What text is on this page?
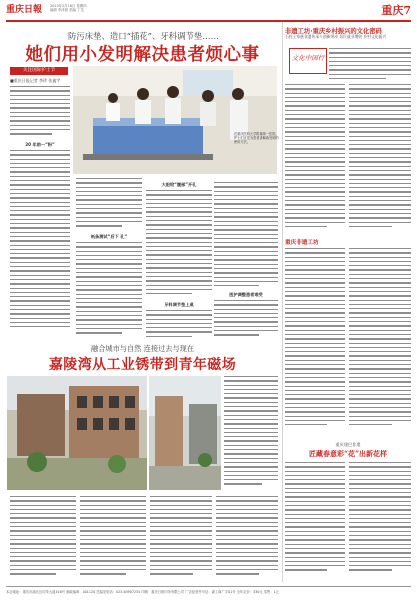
重庆日報 2023年2月16日 星期四
编辑 李泽源 美编 丁龙	重庆7
防污床垫、造口“插花”、牙科调节垫……
她们用小发明解决患者烦心事
关注国际护士节
■重庆日报记者 李珍 张鑫宇
在重庆医科大学附属第一医院，护士们正在为患者讲解新发明的使用方法。
20 年前一“粉”
纸条测试“后下 孔”
大胆给“腹部”开孔
医护调整患者难受
牙科调节垫上桌
融合城市与自然 连接过去与现在
嘉陵湾从工业锈带到青年磁场
非遗工坊·重庆乡村振兴的文化密码
石柱土家族非遗传承人创新带动 居民就业增收 乡村文化振兴
文化中国行
重庆非遗工坊
重庆建巴非遗
匠藏春意彩“花”出新花样
本社地址：重庆市渝北区同茂大道416号 邮政编码：401120 总编室电话：023-63907234 印刷：重庆日报印务有限公司 广告经营许可证：渝工商广字01号 全年定价：330元 零售：1元
